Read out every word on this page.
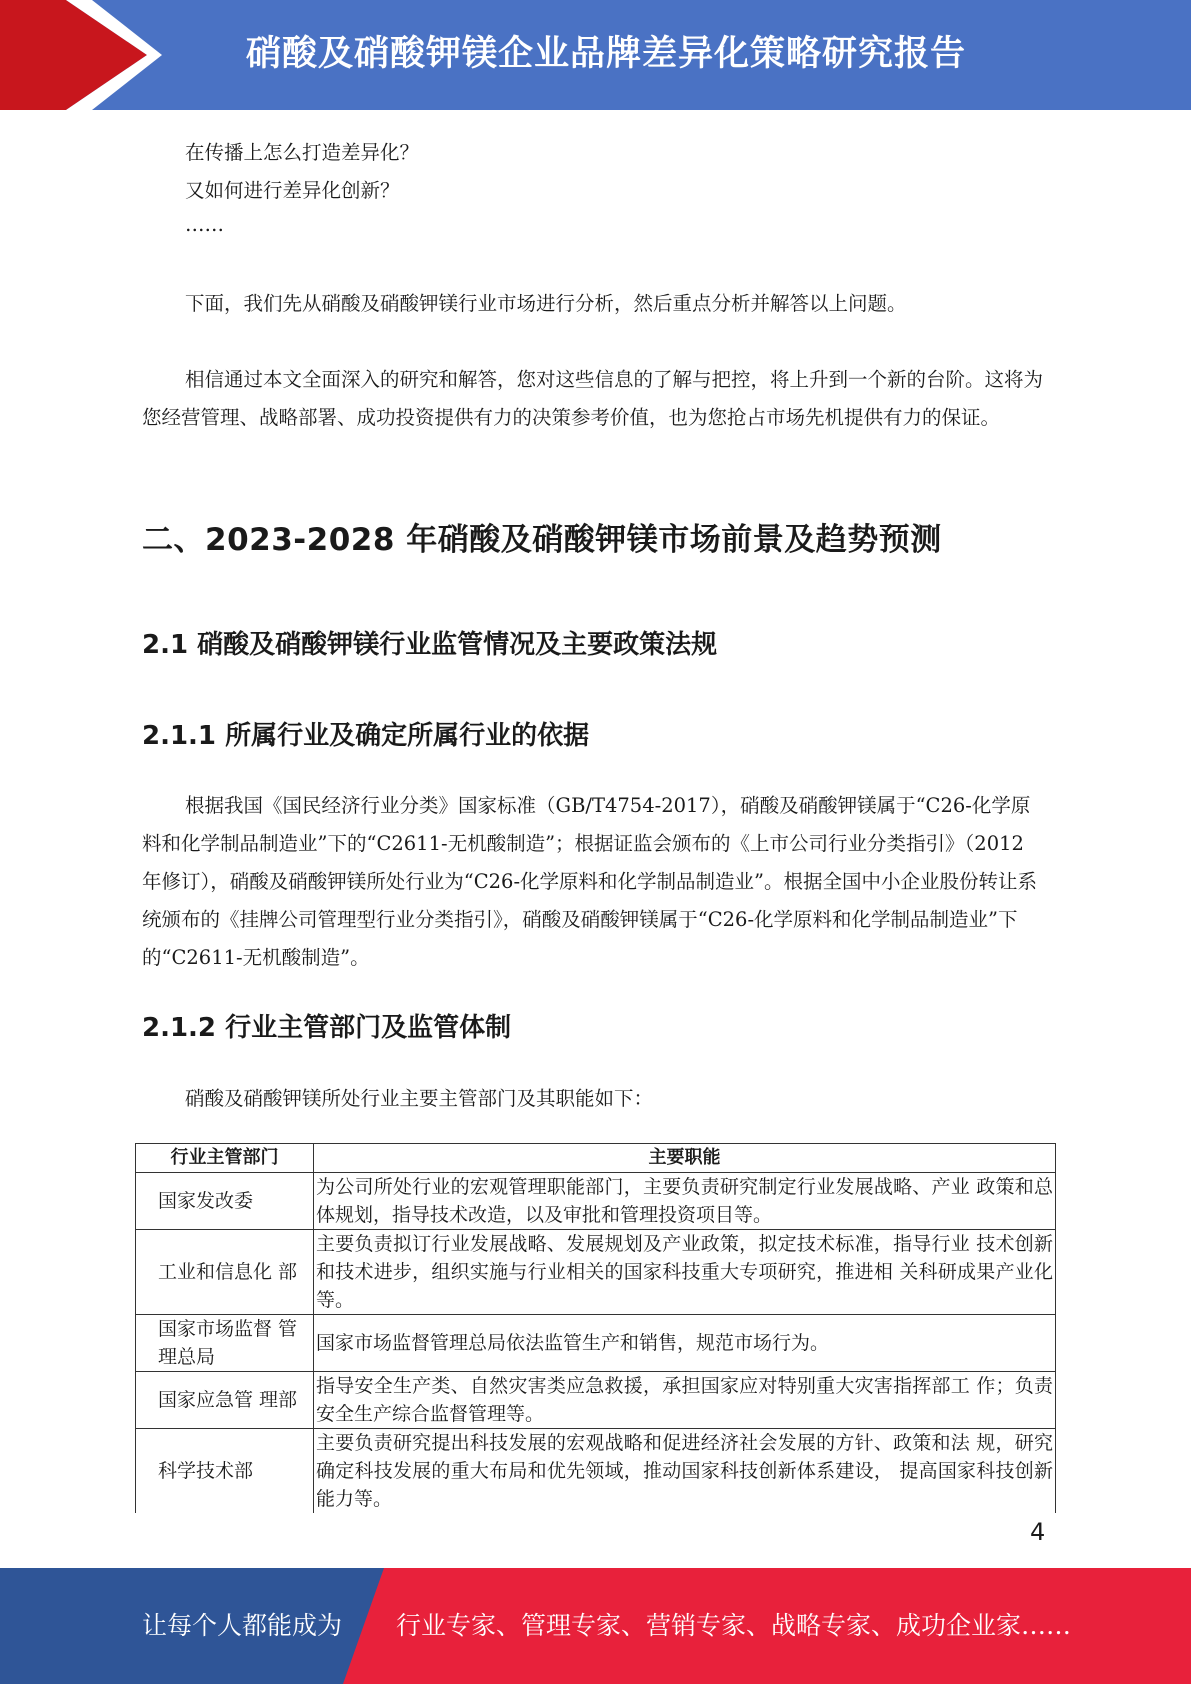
硝酸及硝酸钾镁企业品牌差异化策略研究报告

在传播上怎么打造差异化？

又如何进行差异化创新？

……

下面，我们先从硝酸及硝酸钾镁行业市场进行分析，然后重点分析并解答以上问题。

相信通过本文全面深入的研究和解答，您对这些信息的了解与把控，将上升到一个新的台阶。这将为您经营管理、战略部署、成功投资提供有力的决策参考价值，也为您抢占市场先机提供有力的保证。

二、2023-2028 年硝酸及硝酸钾镁市场前景及趋势预测
2.1 硝酸及硝酸钾镁行业监管情况及主要政策法规
2.1.1 所属行业及确定所属行业的依据

根据我国《国民经济行业分类》国家标准（GB/T4754-2017），硝酸及硝酸钾镁属于“C26-化学原料和化学制品制造业”下的“C2611-无机酸制造”；根据证监会颁布的《上市公司行业分类指引》（2012 年修订），硝酸及硝酸钾镁所处行业为“C26-化学原料和化学制品制造业”。根据全国中小企业股份转让系统颁布的《挂牌公司管理型行业分类指引》，硝酸及硝酸钾镁属于“C26-化学原料和化学制品制造业”下的“C2611-无机酸制造”。

2.1.2 行业主管部门及监管体制

硝酸及硝酸钾镁所处行业主要主管部门及其职能如下：

行业主管部门	主要职能
国家发改委	为公司所处行业的宏观管理职能部门，主要负责研究制定行业发展战略、产业 政策和总体规划，指导技术改造，以及审批和管理投资项目等。
工业和信息化 部	主要负责拟订行业发展战略、发展规划及产业政策，拟定技术标准，指导行业 技术创新和技术进步，组织实施与行业相关的国家科技重大专项研究，推进相 关科研成果产业化等。
国家市场监督 管理总局	国家市场监督管理总局依法监管生产和销售，规范市场行为。
国家应急管 理部	指导安全生产类、自然灾害类应急救援，承担国家应对特别重大灾害指挥部工 作；负责安全生产综合监督管理等。
科学技术部	主要负责研究提出科技发展的宏观战略和促进经济社会发展的方针、政策和法 规，研究确定科技发展的重大布局和优先领域，推动国家科技创新体系建设， 提高国家科技创新能力等。
4
让每个人都能成为 行业专家、管理专家、营销专家、战略专家、成功企业家……
